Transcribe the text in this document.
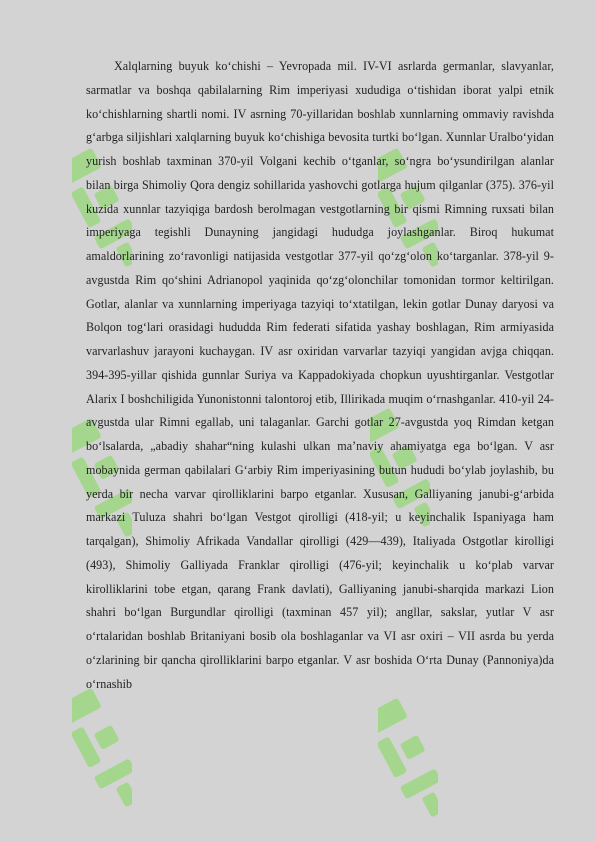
Xalqlarning buyuk ko‘chishi – Yevropada mil. IV-VI asrlarda germanlar, slavyanlar, sarmatlar va boshqa qabilalarning Rim imperiyasi xududiga o‘tishidan iborat yalpi etnik ko‘chishlarning shartli nomi. IV asrning 70-yillaridan boshlab xunnlarning ommaviy ravishda g‘arbga siljishlari xalqlarning buyuk ko‘chishiga bevosita turtki bo‘lgan. Xunnlar Uralbo‘yidan yurish boshlab taxminan 370-yil Volgani kechib o‘tganlar, so‘ngra bo‘ysundirilgan alanlar bilan birga Shimoliy Qora dengiz sohillarida yashovchi gotlarga hujum qilganlar (375). 376-yil kuzida xunnlar tazyiqiga bardosh berolmagan vestgotlarning bir qismi Rimning ruxsati bilan imperiyaga tegishli Dunayning jangidagi hududga joylashganlar. Biroq hukumat amaldorlarining zo‘ravonligi natijasida vestgotlar 377-yil qo‘zg‘olon ko‘targanlar. 378-yil 9-avgustda Rim qo‘shini Adrianopol yaqinida qo‘zg‘olonchilar tomonidan tormor keltirilgan. Gotlar, alanlar va xunnlarning imperiyaga tazyiqi to‘xtatilgan, lekin gotlar Dunay daryosi va Bolqon tog‘lari orasidagi hududda Rim federati sifatida yashay boshlagan, Rim armiyasida varvarlashuv jarayoni kuchaygan. IV asr oxiridan varvarlar tazyiqi yangidan avjga chiqqan. 394-395-yillar qishida gunnlar Suriya va Kappadokiyada chopkun uyushtirganlar. Vestgotlar Alarix I boshchiligida Yunonistonni talontoroj etib, Illirikada muqim o‘rnashganlar. 410-yil 24-avgustda ular Rimni egallab, uni talaganlar. Garchi gotlar 27-avgustda yoq Rimdan ketgan bo‘lsalarda, „abadiy shahar“ning kulashi ulkan ma’naviy ahamiyatga ega bo‘lgan. V asr mobaynida german qabilalari G‘arbiy Rim imperiyasining butun hududi bo‘ylab joylashib, bu yerda bir necha varvar qirolliklarini barpo etganlar. Xususan, Galliyaning janubi-g‘arbida markazi Tuluza shahri bo‘lgan Vestgot qirolligi (418-yil; u keyinchalik Ispaniyaga ham tarqalgan), Shimoliy Afrikada Vandallar qirolligi (429—439), Italiyada Ostgotlar kirolligi (493), Shimoliy Galliyada Franklar qirolligi (476-yil; keyinchalik u ko‘plab varvar kirolliklarini tobe etgan, qarang Frank davlati), Galliyaning janubi-sharqida markazi Lion shahri bo‘lgan Burgundlar qirolligi (taxminan 457 yil); angllar, sakslar, yutlar V asr o‘rtalaridan boshlab Britaniyani bosib ola boshlaganlar va VI asr oxiri – VII asrda bu yerda o‘zlarining bir qancha qirolliklarini barpo etganlar. V asr boshida O‘rta Dunay (Pannoniya)da o‘rnashib
